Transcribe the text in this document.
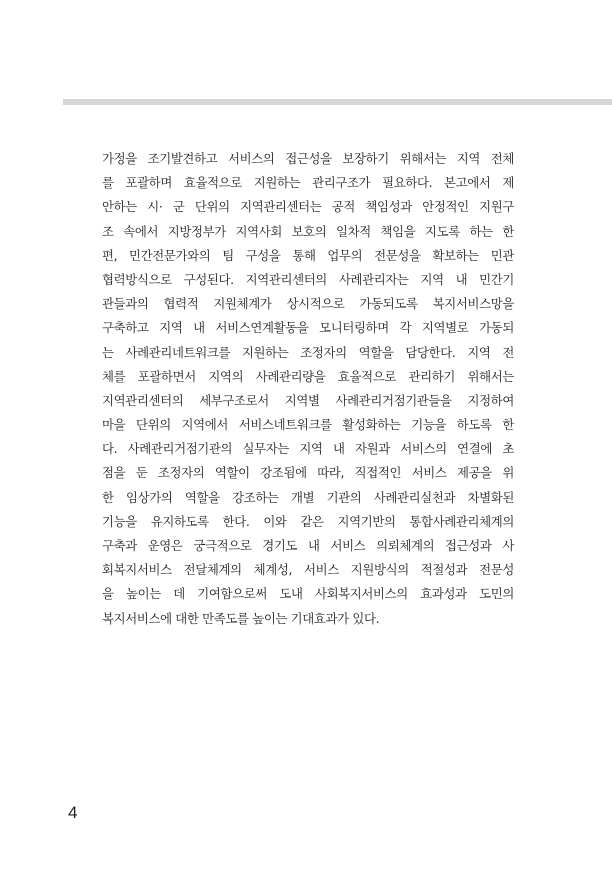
가정을 조기발견하고 서비스의 접근성을 보장하기 위해서는 지역 전체
를 포괄하며 효율적으로 지원하는 관리구조가 필요하다. 본고에서 제
안하는 시· 군 단위의 지역관리센터는 공적 책임성과 안정적인 지원구
조 속에서 지방정부가 지역사회 보호의 일차적 책임을 지도록 하는 한
편, 민간전문가와의 팀 구성을 통해 업무의 전문성을 확보하는 민관
협력방식으로 구성된다. 지역관리센터의 사례관리자는 지역 내 민간기
관들과의 협력적 지원체계가 상시적으로 가동되도록 복지서비스망을
구축하고 지역 내 서비스연계활동을 모니터링하며 각 지역별로 가동되
는 사례관리네트워크를 지원하는 조정자의 역할을 담당한다. 지역 전
체를 포괄하면서 지역의 사례관리량을 효율적으로 관리하기 위해서는
지역관리센터의 세부구조로서 지역별 사례관리거점기관들을 지정하여
마을 단위의 지역에서 서비스네트워크를 활성화하는 기능을 하도록 한
다. 사례관리거점기관의 실무자는 지역 내 자원과 서비스의 연결에 초
점을 둔 조정자의 역할이 강조됨에 따라, 직접적인 서비스 제공을 위
한 임상가의 역할을 강조하는 개별 기관의 사례관리실천과 차별화된
기능을 유지하도록 한다. 이와 같은 지역기반의 통합사례관리체계의
구축과 운영은 궁극적으로 경기도 내 서비스 의뢰체계의 접근성과 사
회복지서비스 전달체계의 체계성, 서비스 지원방식의 적절성과 전문성
을 높이는 데 기여함으로써 도내 사회복지서비스의 효과성과 도민의
복지서비스에 대한 만족도를 높이는 기대효과가 있다.
4
